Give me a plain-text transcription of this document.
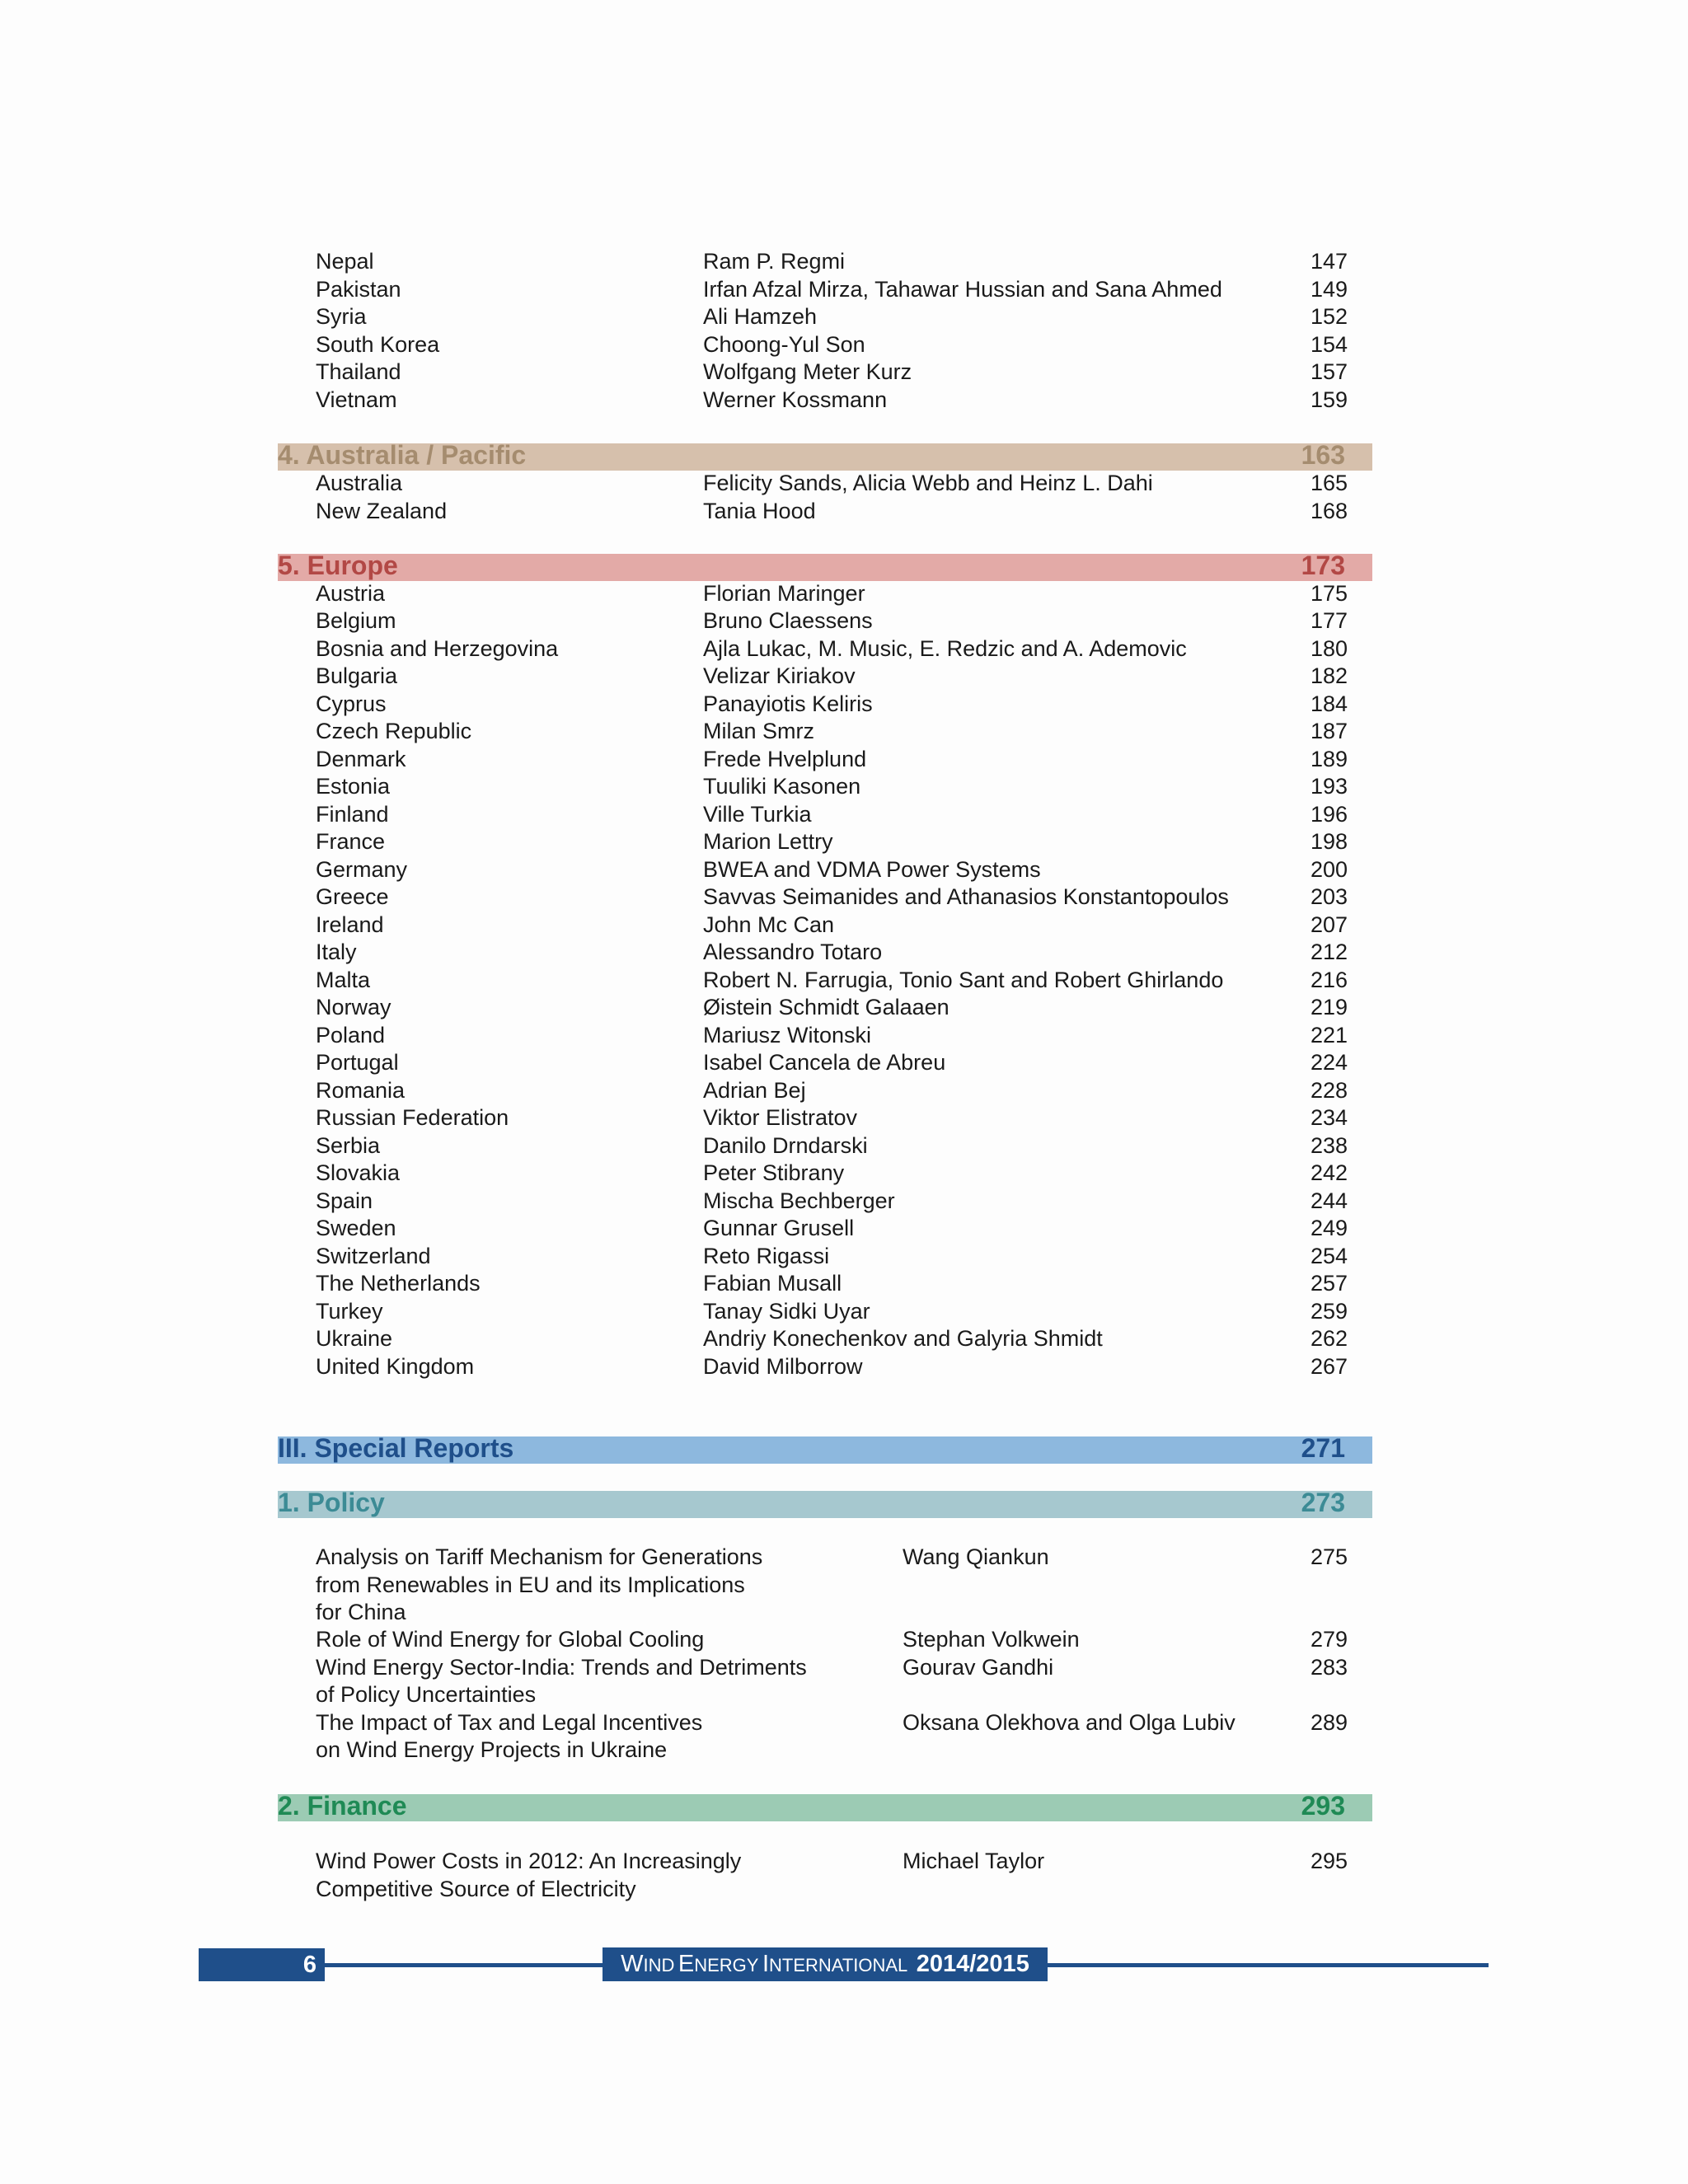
Nepal	Ram P. Regmi	147
Pakistan	Irfan Afzal Mirza, Tahawar Hussian and Sana Ahmed	149
Syria	Ali Hamzeh	152
South Korea	Choong-Yul Son	154
Thailand	Wolfgang Meter Kurz	157
Vietnam	Werner Kossmann	159
4. Australia / Pacific	163
Australia	Felicity Sands, Alicia Webb and Heinz L. Dahi	165
New Zealand	Tania Hood	168
5. Europe	173
Austria	Florian Maringer	175
Belgium	Bruno Claessens	177
Bosnia and Herzegovina	Ajla Lukac, M. Music, E. Redzic and A. Ademovic	180
Bulgaria	Velizar Kiriakov	182
Cyprus	Panayiotis Keliris	184
Czech Republic	Milan Smrz	187
Denmark	Frede Hvelplund	189
Estonia	Tuuliki Kasonen	193
Finland	Ville Turkia	196
France	Marion Lettry	198
Germany	BWEA and VDMA Power Systems	200
Greece	Savvas Seimanides and Athanasios Konstantopoulos	203
Ireland	John Mc Can	207
Italy	Alessandro Totaro	212
Malta	Robert N. Farrugia, Tonio Sant and Robert Ghirlando	216
Norway	Øistein Schmidt Galaaen	219
Poland	Mariusz Witonski	221
Portugal	Isabel Cancela de Abreu	224
Romania	Adrian Bej	228
Russian Federation	Viktor Elistratov	234
Serbia	Danilo Drndarski	238
Slovakia	Peter Stibrany	242
Spain	Mischa Bechberger	244
Sweden	Gunnar Grusell	249
Switzerland	Reto Rigassi	254
The Netherlands	Fabian Musall	257
Turkey	Tanay Sidki Uyar	259
Ukraine	Andriy Konechenkov and Galyria Shmidt	262
United Kingdom	David Milborrow	267
III. Special Reports	271
1. Policy	273
Analysis on Tariff Mechanism for Generations
from Renewables in EU and its Implications
for China
Wang Qiankun	275
Role of Wind Energy for Global Cooling	Stephan Volkwein	279
Wind Energy Sector-India: Trends and Detriments
of Policy Uncertainties
Gourav Gandhi	283
The Impact of Tax and Legal Incentives
on Wind Energy Projects in Ukraine
Oksana Olekhova and Olga Lubiv	289
2. Finance	293
Wind Power Costs in 2012: An Increasingly
Competitive Source of Electricity
Michael Taylor	295
6	WIND ENERGY INTERNATIONAL 2014/2015
